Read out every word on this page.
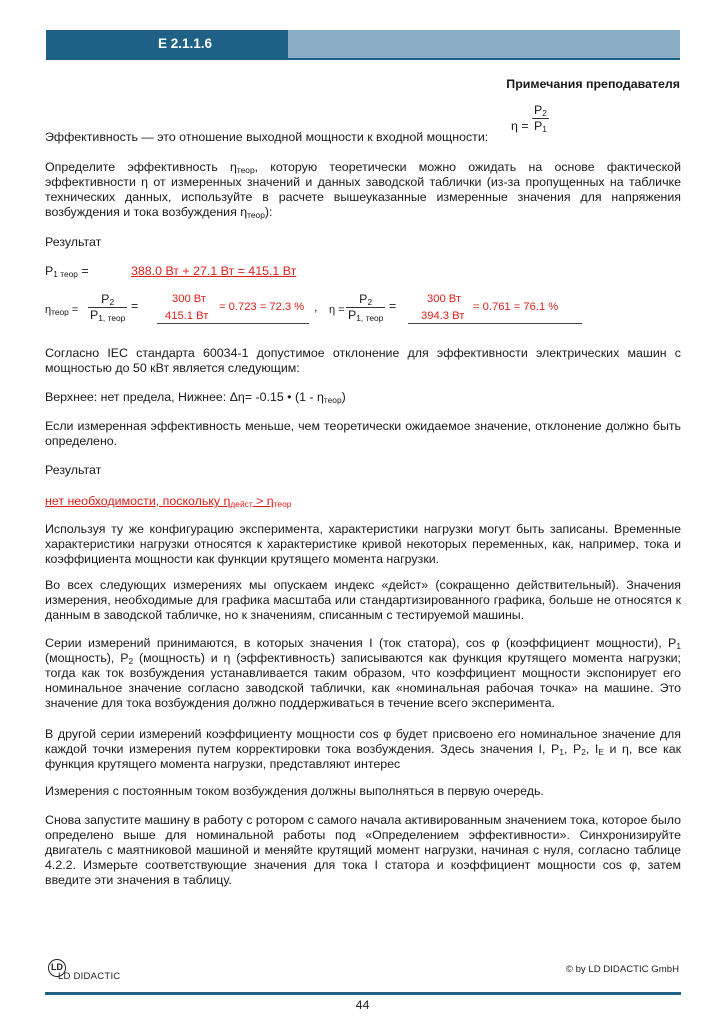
E 2.1.1.6
Примечания преподавателя

Эффективность — это отношение выходной мощности к входной мощности:

$\eta = \frac{P_2}{P_1}$

Определите эффективность $\eta_{теор}$, которую теоретически можно ожидать на основе фактической эффективности η от измеренных значений и данных заводской таблички (из-за пропущенных на табличке технических данных, используйте в расчете вышеуказанные измеренные значения для напряжения возбуждения и тока возбуждения $\eta_{теор}$):

Результат

$P_{1 теор}$ =	388.0 Вт + 27.1 Вт = 415.1 Вт
$\eta_{теор}$ =
$P_2$
$P_{1, теор}$
=	300 Вт
415.1 Вт
= 0.723 = 72.3 % , η =
$P_2$
$P_{1, теор}$
=	300 Вт
394.3 Вт
= 0.761 = 76.1 %

Согласно IEC стандарта 60034-1 допустимое отклонение для эффективности электрических машин с мощностью до 50 кВт является следующим:

Верхнее: нет предела, Нижнее: Δη= -0.15 • $(1 - \eta_{теор})$

Если измеренная эффективность меньше, чем теоретически ожидаемое значение, отклонение должно быть определено.

Результат

нет необходимости, поскольку $\eta_{дейст} > \eta_{теор}$

Используя ту же конфигурацию эксперимента, характеристики нагрузки могут быть записаны. Временные характеристики нагрузки относятся к характеристике кривой некоторых переменных, как, например, тока и коэффициента мощности как функции крутящего момента нагрузки.

Во всех следующих измерениях мы опускаем индекс «дейст» (сокращенно действительный). Значения измерения, необходимые для графика масштаба или стандартизированного графика, больше не относятся к данным в заводской табличке, но к значениям, списанным с тестируемой машины.

Серии измерений принимаются, в которых значения I (ток статора), cos φ (коэффициент мощности), $P_1$ (мощность), $P_2$ (мощность) и η (эффективность) записываются как функция крутящего момента нагрузки; тогда как ток возбуждения устанавливается таким образом, что коэффициент мощности экспонирует его номинальное значение согласно заводской таблички, как «номинальная рабочая точка» на машине. Это значение для тока возбуждения должно поддерживаться в течение всего эксперимента.

В другой серии измерений коэффициенту мощности cos φ будет присвоено его номинальное значение для каждой точки измерения путем корректировки тока возбуждения. Здесь значения I, $P_1$, $P_2$, $I_E$ и η, все как функция крутящего момента нагрузки, представляют интерес

Измерения с постоянным током возбуждения должны выполняться в первую очередь.

Снова запустите машину в работу с ротором с самого начала активированным значением тока, которое было определено выше для номинальной работы под «Определением эффективности». Синхронизируйте двигатель с маятниковой машиной и меняйте крутящий момент нагрузки, начиная с нуля, согласно таблице 4.2.2. Измерьте соответствующие значения для тока I статора и коэффициент мощности cos φ, затем введите эти значения в таблицу.

LD
LD DIDACTIC
© by LD DIDACTIC GmbH
44
